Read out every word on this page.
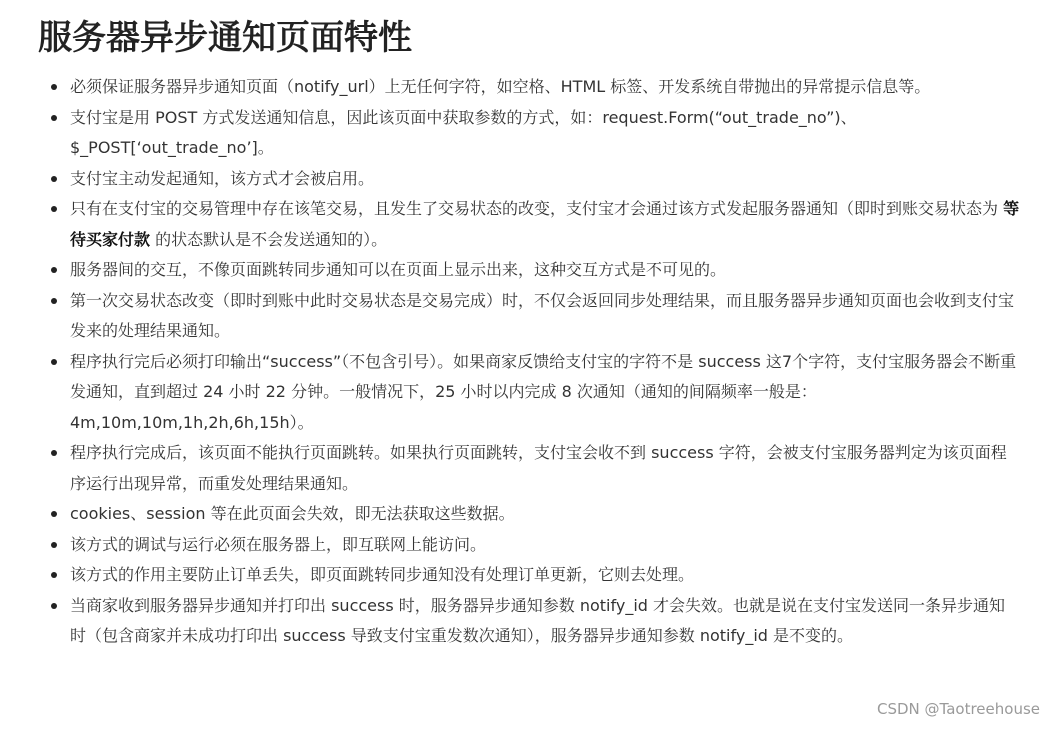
服务器异步通知页面特性
必须保证服务器异步通知页面（notify_url）上无任何字符，如空格、HTML 标签、开发系统自带抛出的异常提示信息等。
支付宝是用 POST 方式发送通知信息，因此该页面中获取参数的方式，如：request.Form(“out_trade_no”)、$_POST[‘out_trade_no’]。
支付宝主动发起通知，该方式才会被启用。
只有在支付宝的交易管理中存在该笔交易，且发生了交易状态的改变，支付宝才会通过该方式发起服务器通知（即时到账交易状态为 等待买家付款 的状态默认是不会发送通知的）。
服务器间的交互，不像页面跳转同步通知可以在页面上显示出来，这种交互方式是不可见的。
第一次交易状态改变（即时到账中此时交易状态是交易完成）时，不仅会返回同步处理结果，而且服务器异步通知页面也会收到支付宝发来的处理结果通知。
程序执行完后必须打印输出“success”（不包含引号）。如果商家反馈给支付宝的字符不是 success 这7个字符，支付宝服务器会不断重发通知，直到超过 24 小时 22 分钟。一般情况下，25 小时以内完成 8 次通知（通知的间隔频率一般是：4m,10m,10m,1h,2h,6h,15h）。
程序执行完成后，该页面不能执行页面跳转。如果执行页面跳转，支付宝会收不到 success 字符，会被支付宝服务器判定为该页面程序运行出现异常，而重发处理结果通知。
cookies、session 等在此页面会失效，即无法获取这些数据。
该方式的调试与运行必须在服务器上，即互联网上能访问。
该方式的作用主要防止订单丢失，即页面跳转同步通知没有处理订单更新，它则去处理。
当商家收到服务器异步通知并打印出 success 时，服务器异步通知参数 notify_id 才会失效。也就是说在支付宝发送同一条异步通知时（包含商家并未成功打印出 success 导致支付宝重发数次通知），服务器异步通知参数 notify_id 是不变的。
CSDN @Taotreehouse
